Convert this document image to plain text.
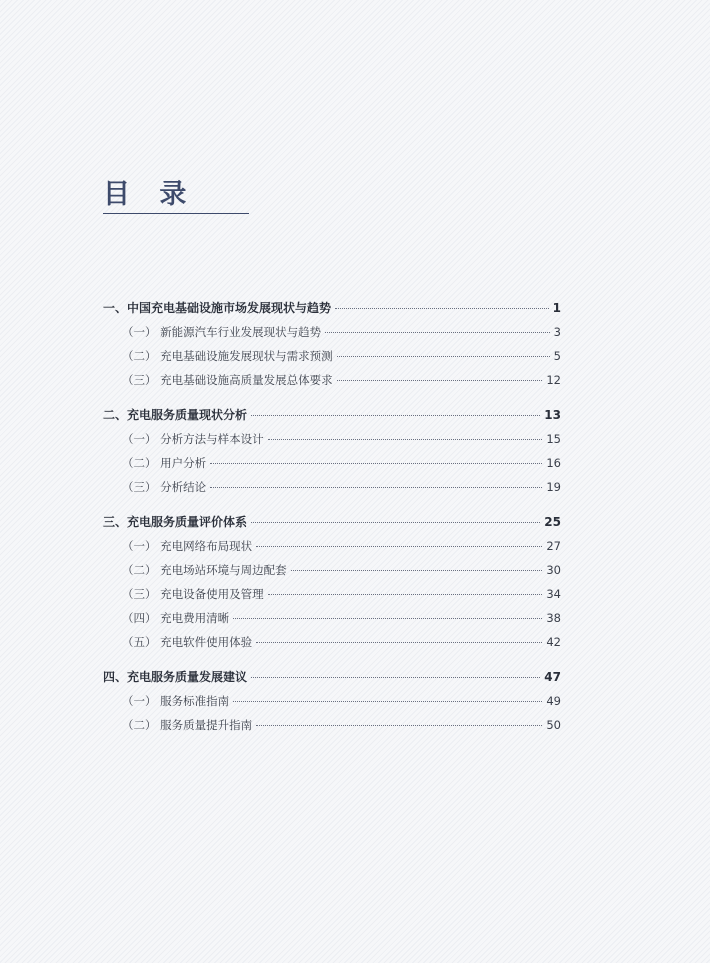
目 录
一、中国充电基础设施市场发展现状与趋势	1
（一） 新能源汽车行业发展现状与趋势	3
（二） 充电基础设施发展现状与需求预测	5
（三） 充电基础设施高质量发展总体要求	12
二、充电服务质量现状分析	13
（一） 分析方法与样本设计	15
（二） 用户分析	16
（三） 分析结论	19
三、充电服务质量评价体系	25
（一） 充电网络布局现状	27
（二） 充电场站环境与周边配套	30
（三） 充电设备使用及管理	34
（四） 充电费用清晰	38
（五） 充电软件使用体验	42
四、充电服务质量发展建议	47
（一） 服务标准指南	49
（二） 服务质量提升指南	50
